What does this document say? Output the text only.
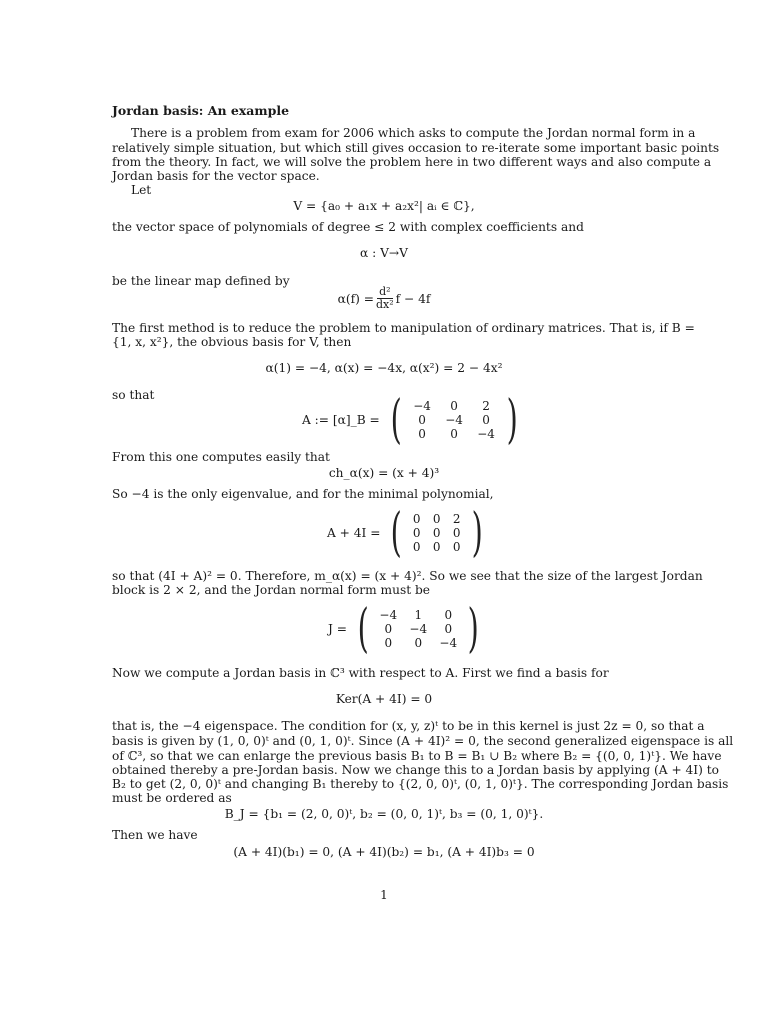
Jordan basis: An example
There is a problem from exam for 2006 which asks to compute the Jordan normal form in a
relatively simple situation, but which still gives occasion to re-iterate some important basic points
from the theory. In fact, we will solve the problem here in two different ways and also compute a
Jordan basis for the vector space.
Let
V = {a₀ + a₁x + a₂x²| aᵢ ∈ ℂ},
the vector space of polynomials of degree ≤ 2 with complex coefficients and
α : V→V
be the linear map defined by
$\alpha(f) = \frac{\text{d²}}{\text{dx²}}$ f − 4f
The first method is to reduce the problem to manipulation of ordinary matrices. That is, if B =
{1, x, x²}, the obvious basis for V, then
α(1) = −4, α(x) = −4x, α(x²) = 2 − 4x²
so that
A := [α]_B = ( −4	0	2
0	−4	0
0	0	−4 )
From this one computes easily that
ch_α(x) = (x + 4)³
So −4 is the only eigenvalue, and for the minimal polynomial,
A + 4I = ( 0	0	2
0	0	0
0	0	0 )
so that (4I + A)² = 0. Therefore, m_α(x) = (x + 4)². So we see that the size of the largest Jordan
block is 2 × 2, and the Jordan normal form must be
J = ( −4	1	0
0	−4	0
0	0	−4 )
Now we compute a Jordan basis in ℂ³ with respect to A. First we find a basis for
Ker(A + 4I) = 0
that is, the −4 eigenspace. The condition for (x, y, z)ᵗ to be in this kernel is just 2z = 0, so that a
basis is given by (1, 0, 0)ᵗ and (0, 1, 0)ᵗ. Since (A + 4I)² = 0, the second generalized eigenspace is all
of ℂ³, so that we can enlarge the previous basis B₁ to B = B₁ ∪ B₂ where B₂ = {(0, 0, 1)ᵗ}. We have
obtained thereby a pre-Jordan basis. Now we change this to a Jordan basis by applying (A + 4I) to
B₂ to get (2, 0, 0)ᵗ and changing B₁ thereby to {(2, 0, 0)ᵗ, (0, 1, 0)ᵗ}. The corresponding Jordan basis
must be ordered as
B_J = {b₁ = (2, 0, 0)ᵗ, b₂ = (0, 0, 1)ᵗ, b₃ = (0, 1, 0)ᵗ}.
Then we have
(A + 4I)(b₁) = 0, (A + 4I)(b₂) = b₁, (A + 4I)b₃ = 0
1
